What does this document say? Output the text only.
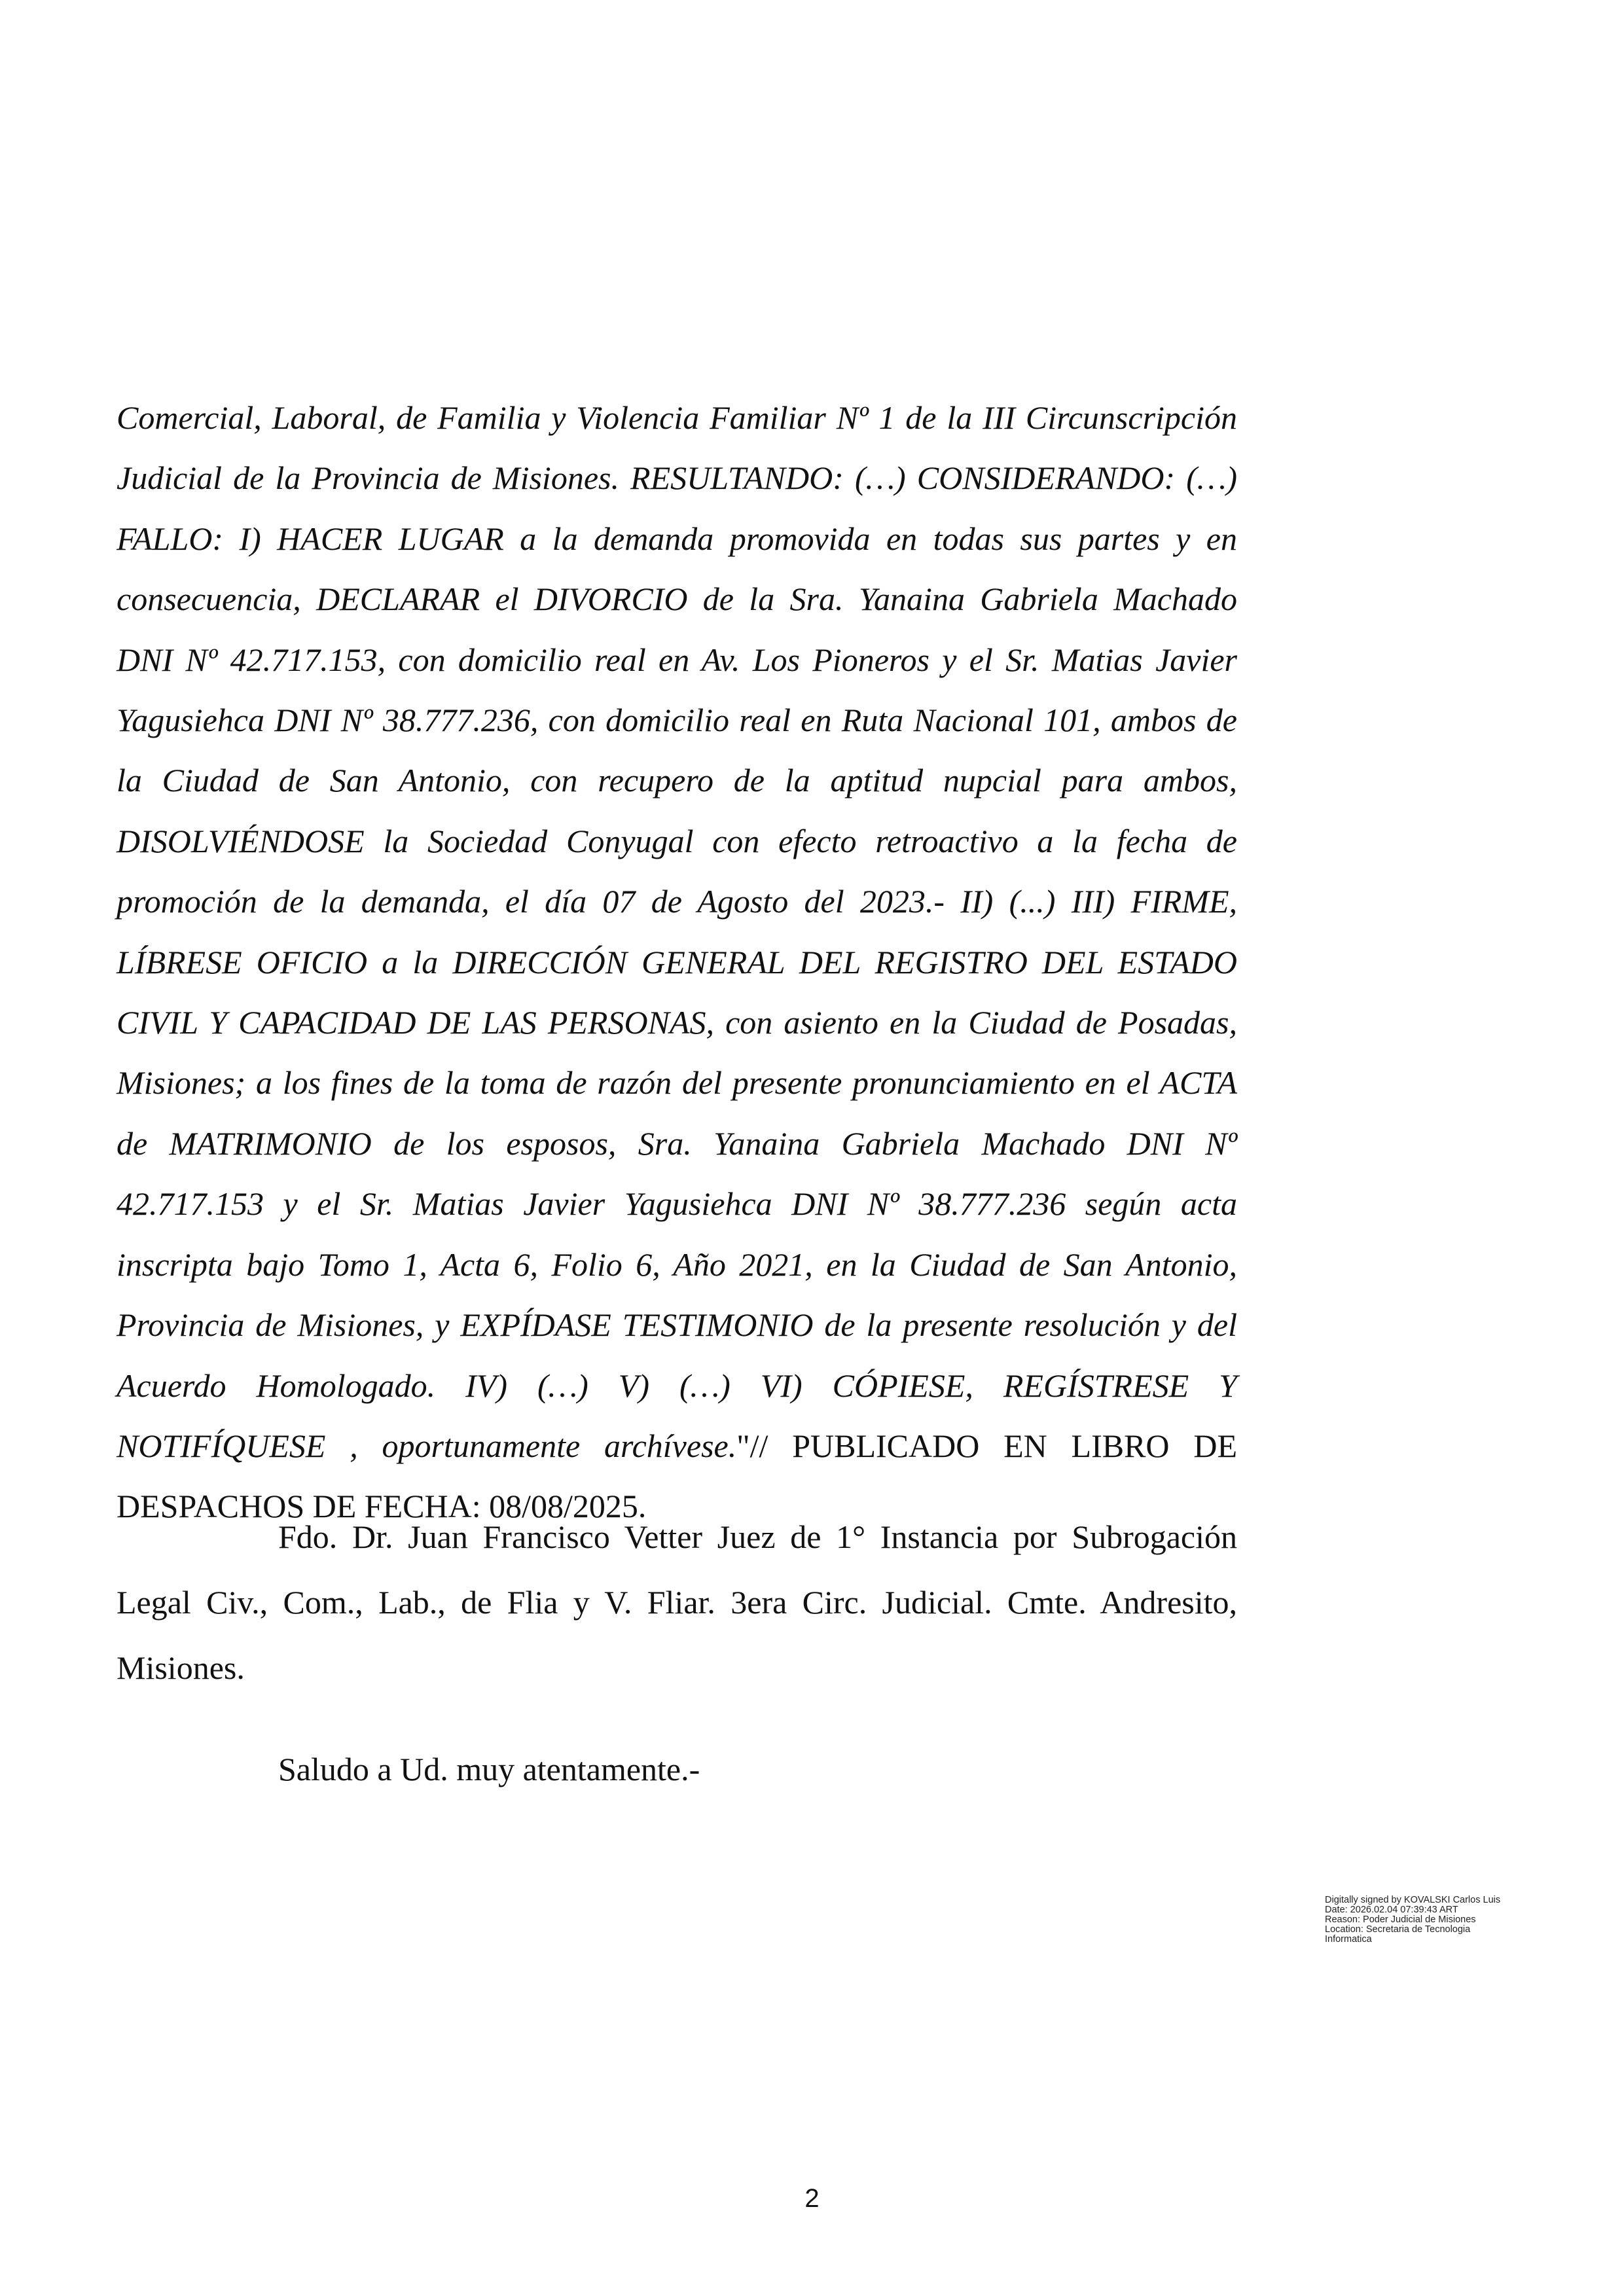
Comercial, Laboral, de Familia y Violencia Familiar Nº 1 de la III Circunscripción Judicial de la Provincia de Misiones. RESULTANDO: (…) CONSIDERANDO: (…) FALLO: I) HACER LUGAR a la demanda promovida en todas sus partes y en consecuencia, DECLARAR el DIVORCIO de la Sra. Yanaina Gabriela Machado DNI Nº 42.717.153, con domicilio real en Av. Los Pioneros y el Sr. Matias Javier Yagusiehca DNI Nº 38.777.236, con domicilio real en Ruta Nacional 101, ambos de la Ciudad de San Antonio, con recupero de la aptitud nupcial para ambos, DISOLVIÉNDOSE la Sociedad Conyugal con efecto retroactivo a la fecha de promoción de la demanda, el día 07 de Agosto del 2023.- II) (...) III) FIRME, LÍBRESE OFICIO a la DIRECCIÓN GENERAL DEL REGISTRO DEL ESTADO CIVIL Y CAPACIDAD DE LAS PERSONAS, con asiento en la Ciudad de Posadas, Misiones; a los fines de la toma de razón del presente pronunciamiento en el ACTA de MATRIMONIO de los esposos, Sra. Yanaina Gabriela Machado DNI Nº 42.717.153 y el Sr. Matias Javier Yagusiehca DNI Nº 38.777.236 según acta inscripta bajo Tomo 1, Acta 6, Folio 6, Año 2021, en la Ciudad de San Antonio, Provincia de Misiones, y EXPÍDASE TESTIMONIO de la presente resolución y del Acuerdo Homologado. IV) (…) V) (…) VI) CÓPIESE, REGÍSTRESE Y NOTIFÍQUESE , oportunamente archívese."// PUBLICADO EN LIBRO DE DESPACHOS DE FECHA: 08/08/2025.

Fdo. Dr. Juan Francisco Vetter Juez de 1° Instancia por Subrogación Legal Civ., Com., Lab., de Flia y V. Fliar. 3era Circ. Judicial. Cmte. Andresito, Misiones.

Saludo a Ud. muy atentamente.-

Digitally signed by KOVALSKI Carlos Luis
Date: 2026.02.04 07:39:43 ART
Reason: Poder Judicial de Misiones
Location: Secretaria de Tecnologia
Informatica
2
